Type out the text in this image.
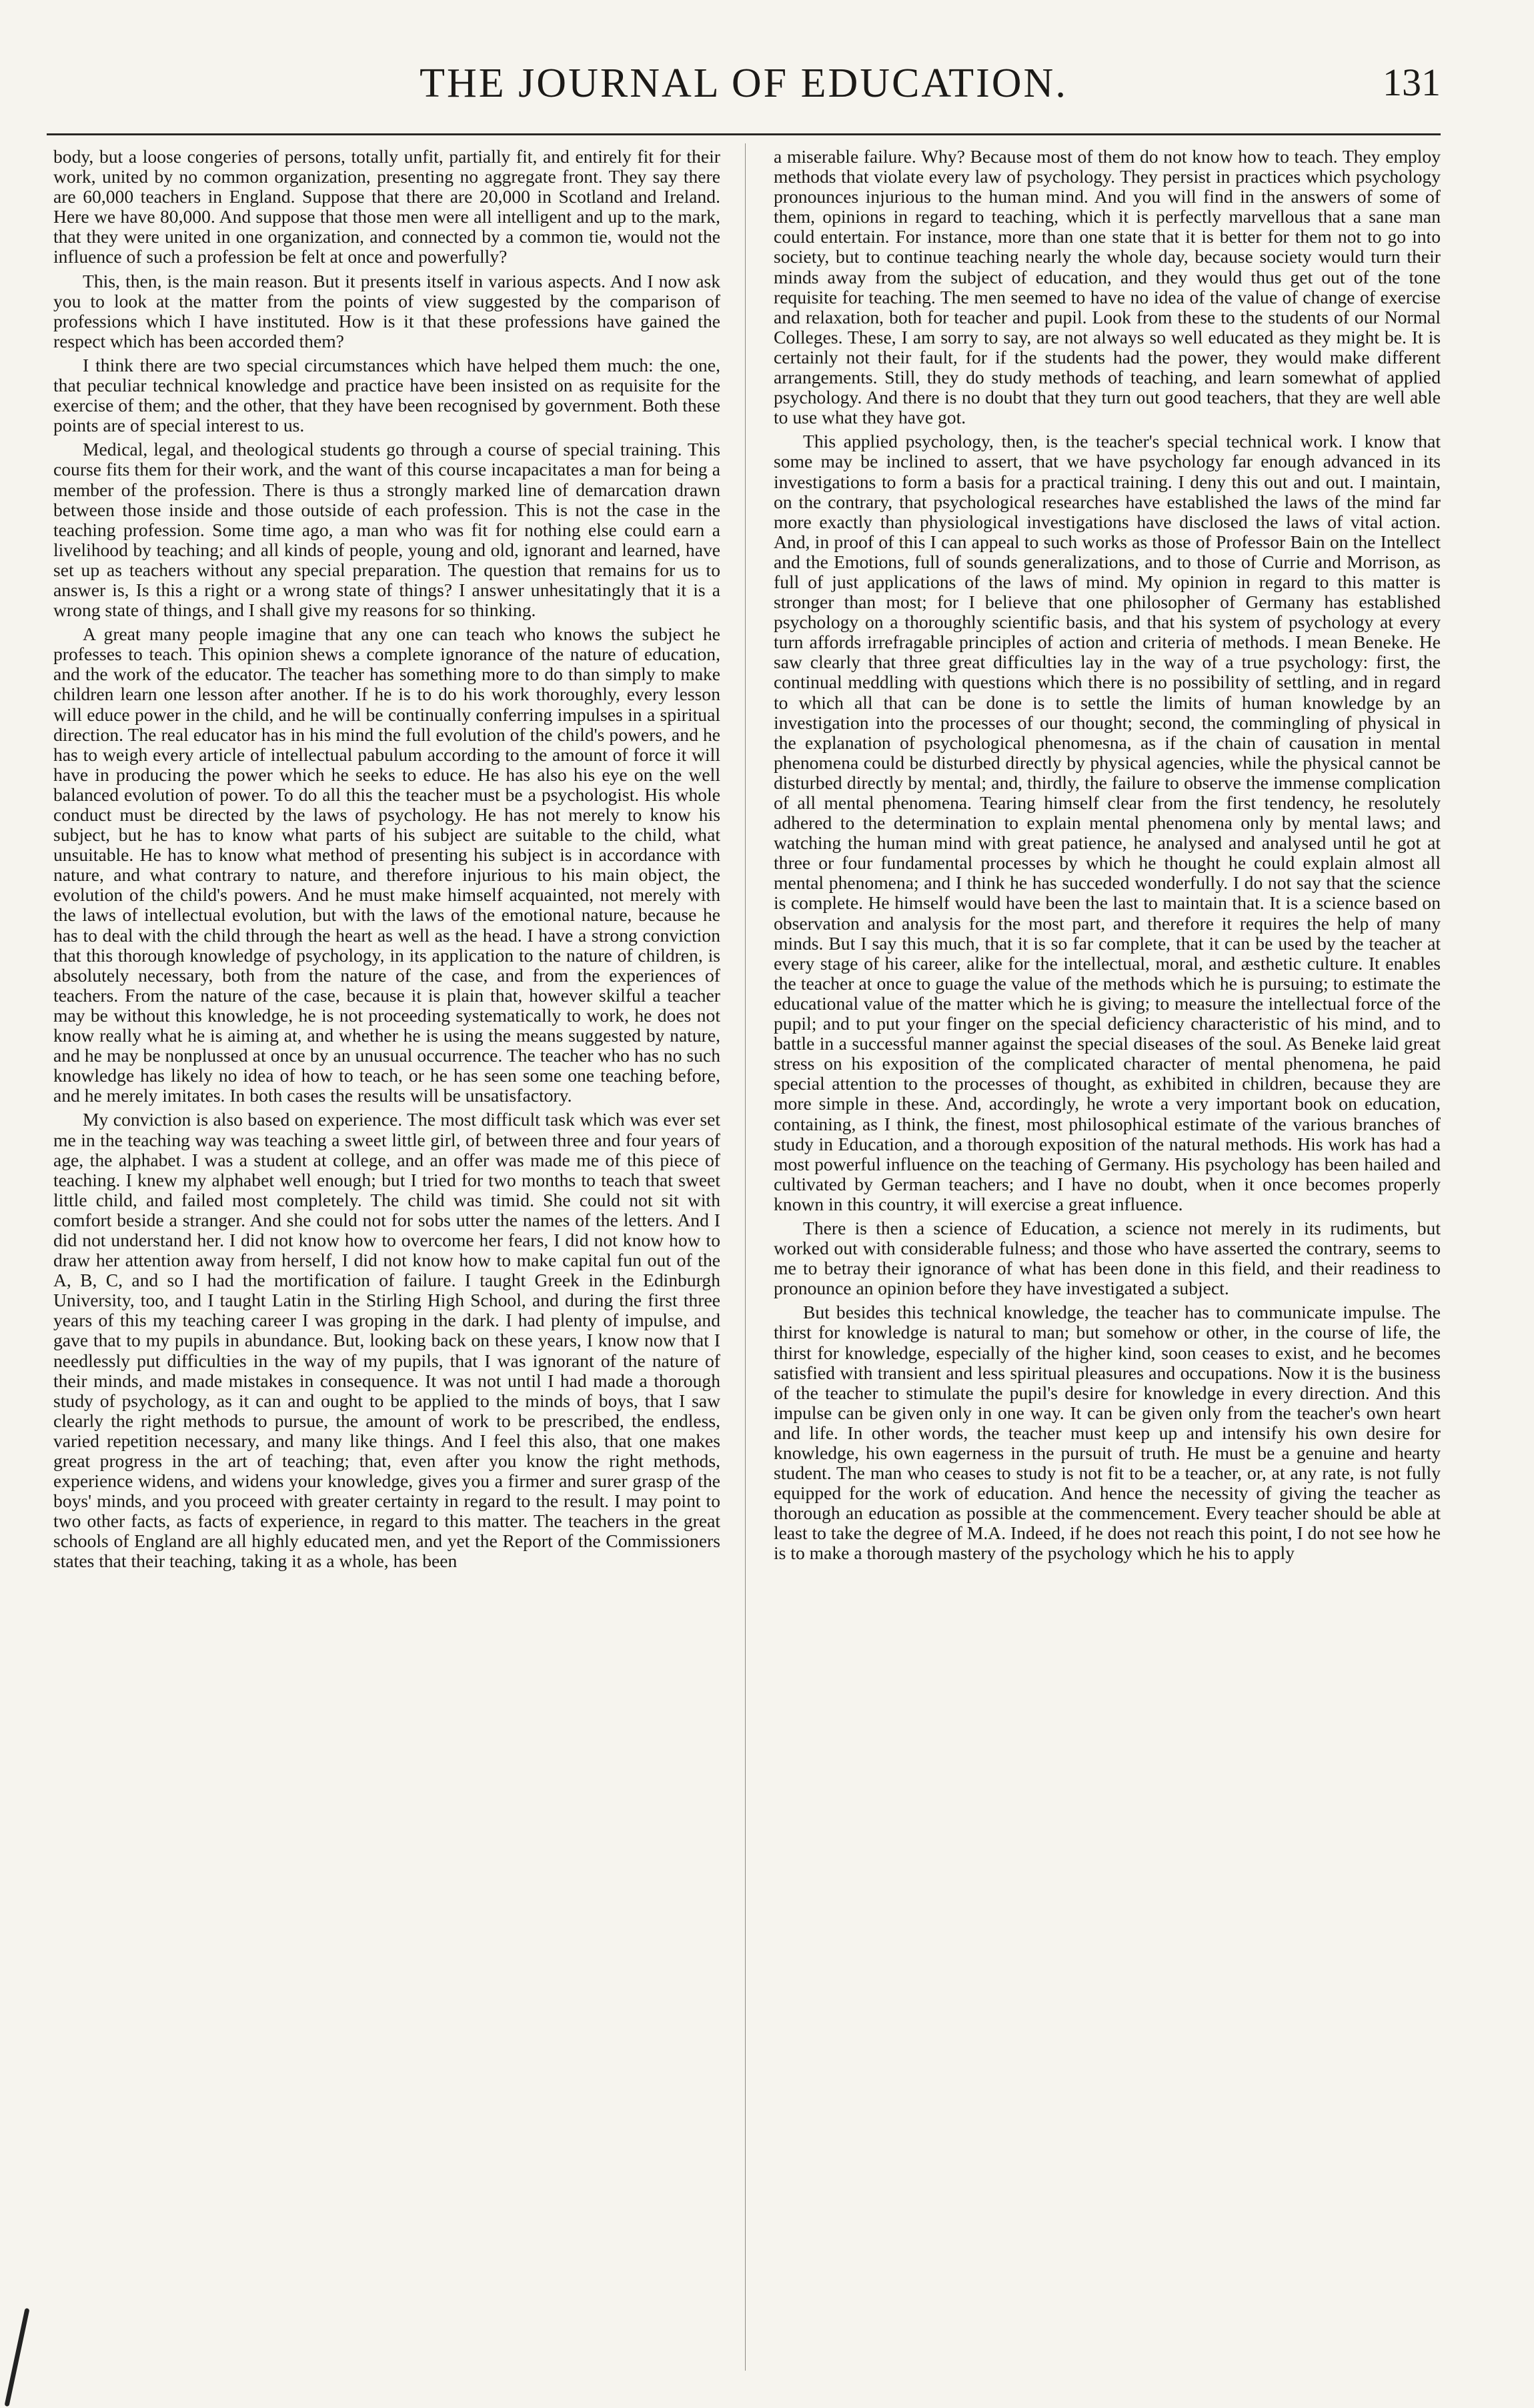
THE JOURNAL OF EDUCATION.	131

body, but a loose congeries of persons, totally unfit, partially fit, and entirely fit for their work, united by no common organization, presenting no aggregate front. They say there are 60,000 teachers in England. Suppose that there are 20,000 in Scotland and Ireland. Here we have 80,000. And suppose that those men were all intelligent and up to the mark, that they were united in one organization, and connected by a common tie, would not the influence of such a profession be felt at once and powerfully?

This, then, is the main reason. But it presents itself in various aspects. And I now ask you to look at the matter from the points of view suggested by the comparison of professions which I have instituted. How is it that these professions have gained the respect which has been accorded them?

I think there are two special circumstances which have helped them much: the one, that peculiar technical knowledge and practice have been insisted on as requisite for the exercise of them; and the other, that they have been recognised by government. Both these points are of special interest to us.

Medical, legal, and theological students go through a course of special training. This course fits them for their work, and the want of this course incapacitates a man for being a member of the profession. There is thus a strongly marked line of demarcation drawn between those inside and those outside of each profession. This is not the case in the teaching profession. Some time ago, a man who was fit for nothing else could earn a livelihood by teaching; and all kinds of people, young and old, ignorant and learned, have set up as teachers without any special preparation. The question that remains for us to answer is, Is this a right or a wrong state of things? I answer unhesitatingly that it is a wrong state of things, and I shall give my reasons for so thinking.

A great many people imagine that any one can teach who knows the subject he professes to teach. This opinion shews a complete ignorance of the nature of education, and the work of the educator. The teacher has something more to do than simply to make children learn one lesson after another. If he is to do his work thoroughly, every lesson will educe power in the child, and he will be continually conferring impulses in a spiritual direction. The real educator has in his mind the full evolution of the child's powers, and he has to weigh every article of intellectual pabulum according to the amount of force it will have in producing the power which he seeks to educe. He has also his eye on the well balanced evolution of power. To do all this the teacher must be a psychologist. His whole conduct must be directed by the laws of psychology. He has not merely to know his subject, but he has to know what parts of his subject are suitable to the child, what unsuitable. He has to know what method of presenting his subject is in accordance with nature, and what contrary to nature, and therefore injurious to his main object, the evolution of the child's powers. And he must make himself acquainted, not merely with the laws of intellectual evolution, but with the laws of the emotional nature, because he has to deal with the child through the heart as well as the head. I have a strong conviction that this thorough knowledge of psychology, in its application to the nature of children, is absolutely necessary, both from the nature of the case, and from the experiences of teachers. From the nature of the case, because it is plain that, however skilful a teacher may be without this knowledge, he is not proceeding systematically to work, he does not know really what he is aiming at, and whether he is using the means suggested by nature, and he may be nonplussed at once by an unusual occurrence. The teacher who has no such knowledge has likely no idea of how to teach, or he has seen some one teaching before, and he merely imitates. In both cases the results will be unsatisfactory.

My conviction is also based on experience. The most difficult task which was ever set me in the teaching way was teaching a sweet little girl, of between three and four years of age, the alphabet. I was a student at college, and an offer was made me of this piece of teaching. I knew my alphabet well enough; but I tried for two months to teach that sweet little child, and failed most completely. The child was timid. She could not sit with comfort beside a stranger. And she could not for sobs utter the names of the letters. And I did not understand her. I did not know how to overcome her fears, I did not know how to draw her attention away from herself, I did not know how to make capital fun out of the A, B, C, and so I had the mortification of failure. I taught Greek in the Edinburgh University, too, and I taught Latin in the Stirling High School, and during the first three years of this my teaching career I was groping in the dark. I had plenty of impulse, and gave that to my pupils in abundance. But, looking back on these years, I know now that I needlessly put difficulties in the way of my pupils, that I was ignorant of the nature of their minds, and made mistakes in consequence. It was not until I had made a thorough study of psychology, as it can and ought to be applied to the minds of boys, that I saw clearly the right methods to pursue, the amount of work to be prescribed, the endless, varied repetition necessary, and many like things. And I feel this also, that one makes great progress in the art of teaching; that, even after you know the right methods, experience widens, and widens your knowledge, gives you a firmer and surer grasp of the boys' minds, and you proceed with greater certainty in regard to the result. I may point to two other facts, as facts of experience, in regard to this matter. The teachers in the great schools of England are all highly educated men, and yet the Report of the Commissioners states that their teaching, taking it as a whole, has been

a miserable failure. Why? Because most of them do not know how to teach. They employ methods that violate every law of psychology. They persist in practices which psychology pronounces injurious to the human mind. And you will find in the answers of some of them, opinions in regard to teaching, which it is perfectly marvellous that a sane man could entertain. For instance, more than one state that it is better for them not to go into society, but to continue teaching nearly the whole day, because society would turn their minds away from the subject of education, and they would thus get out of the tone requisite for teaching. The men seemed to have no idea of the value of change of exercise and relaxation, both for teacher and pupil. Look from these to the students of our Normal Colleges. These, I am sorry to say, are not always so well educated as they might be. It is certainly not their fault, for if the students had the power, they would make different arrangements. Still, they do study methods of teaching, and learn somewhat of applied psychology. And there is no doubt that they turn out good teachers, that they are well able to use what they have got.

This applied psychology, then, is the teacher's special technical work. I know that some may be inclined to assert, that we have psychology far enough advanced in its investigations to form a basis for a practical training. I deny this out and out. I maintain, on the contrary, that psychological researches have established the laws of the mind far more exactly than physiological investigations have disclosed the laws of vital action. And, in proof of this I can appeal to such works as those of Professor Bain on the Intellect and the Emotions, full of sounds generalizations, and to those of Currie and Morrison, as full of just applications of the laws of mind. My opinion in regard to this matter is stronger than most; for I believe that one philosopher of Germany has established psychology on a thoroughly scientific basis, and that his system of psychology at every turn affords irrefragable principles of action and criteria of methods. I mean Beneke. He saw clearly that three great difficulties lay in the way of a true psychology: first, the continual meddling with questions which there is no possibility of settling, and in regard to which all that can be done is to settle the limits of human knowledge by an investigation into the processes of our thought; second, the commingling of physical in the explanation of psychological phenomesna, as if the chain of causation in mental phenomena could be disturbed directly by physical agencies, while the physical cannot be disturbed directly by mental; and, thirdly, the failure to observe the immense complication of all mental phenomena. Tearing himself clear from the first tendency, he resolutely adhered to the determination to explain mental phenomena only by mental laws; and watching the human mind with great patience, he analysed and analysed until he got at three or four fundamental processes by which he thought he could explain almost all mental phenomena; and I think he has succeded wonderfully. I do not say that the science is complete. He himself would have been the last to maintain that. It is a science based on observation and analysis for the most part, and therefore it requires the help of many minds. But I say this much, that it is so far complete, that it can be used by the teacher at every stage of his career, alike for the intellectual, moral, and æsthetic culture. It enables the teacher at once to guage the value of the methods which he is pursuing; to estimate the educational value of the matter which he is giving; to measure the intellectual force of the pupil; and to put your finger on the special deficiency characteristic of his mind, and to battle in a successful manner against the special diseases of the soul. As Beneke laid great stress on his exposition of the complicated character of mental phenomena, he paid special attention to the processes of thought, as exhibited in children, because they are more simple in these. And, accordingly, he wrote a very important book on education, containing, as I think, the finest, most philosophical estimate of the various branches of study in Education, and a thorough exposition of the natural methods. His work has had a most powerful influence on the teaching of Germany. His psychology has been hailed and cultivated by German teachers; and I have no doubt, when it once becomes properly known in this country, it will exercise a great influence.

There is then a science of Education, a science not merely in its rudiments, but worked out with considerable fulness; and those who have asserted the contrary, seems to me to betray their ignorance of what has been done in this field, and their readiness to pronounce an opinion before they have investigated a subject.

But besides this technical knowledge, the teacher has to communicate impulse. The thirst for knowledge is natural to man; but somehow or other, in the course of life, the thirst for knowledge, especially of the higher kind, soon ceases to exist, and he becomes satisfied with transient and less spiritual pleasures and occupations. Now it is the business of the teacher to stimulate the pupil's desire for knowledge in every direction. And this impulse can be given only in one way. It can be given only from the teacher's own heart and life. In other words, the teacher must keep up and intensify his own desire for knowledge, his own eagerness in the pursuit of truth. He must be a genuine and hearty student. The man who ceases to study is not fit to be a teacher, or, at any rate, is not fully equipped for the work of education. And hence the necessity of giving the teacher as thorough an education as possible at the commencement. Every teacher should be able at least to take the degree of M.A. Indeed, if he does not reach this point, I do not see how he is to make a thorough mastery of the psychology which he his to apply
